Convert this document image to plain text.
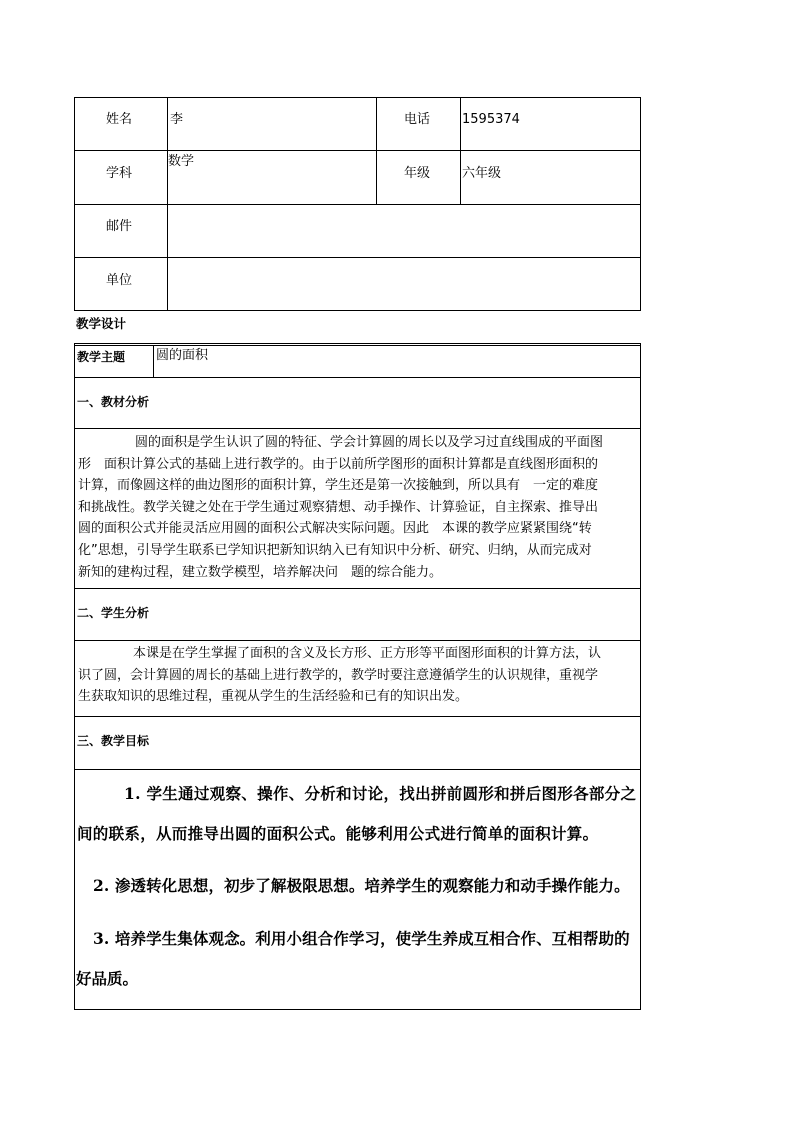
姓名	李	电话 1595374
学科
数学
年级 六年级
邮件
单位
教学设计
教学主题 圆的面积
一、教材分析
圆的面积是学生认识了圆的特征、学会计算圆的周长以及学习过直线围成的平面图
形　面积计算公式的基础上进行教学的。由于以前所学图形的面积计算都是直线图形面积的
计算，而像圆这样的曲边图形的面积计算，学生还是第一次接触到，所以具有　一定的难度
和挑战性。教学关键之处在于学生通过观察猜想、动手操作、计算验证，自主探索、推导出
圆的面积公式并能灵活应用圆的面积公式解决实际问题。因此　本课的教学应紧紧围绕“转
化”思想，引导学生联系已学知识把新知识纳入已有知识中分析、研究、归纳，从而完成对
新知的建构过程，建立数学模型，培养解决问　题的综合能力。
二、学生分析
本课是在学生掌握了面积的含义及长方形、正方形等平面图形面积的计算方法，认
识了圆，会计算圆的周长的基础上进行教学的，教学时要注意遵循学生的认识规律，重视学
生获取知识的思维过程，重视从学生的生活经验和已有的知识出发。
三、教学目标
1. 学生通过观察、操作、分析和讨论，找出拼前圆形和拼后图形各部分之
间的联系，从而推导出圆的面积公式。能够利用公式进行简单的面积计算。
2. 渗透转化思想，初步了解极限思想。培养学生的观察能力和动手操作能力。
3. 培养学生集体观念。利用小组合作学习，使学生养成互相合作、互相帮助的
好品质。
